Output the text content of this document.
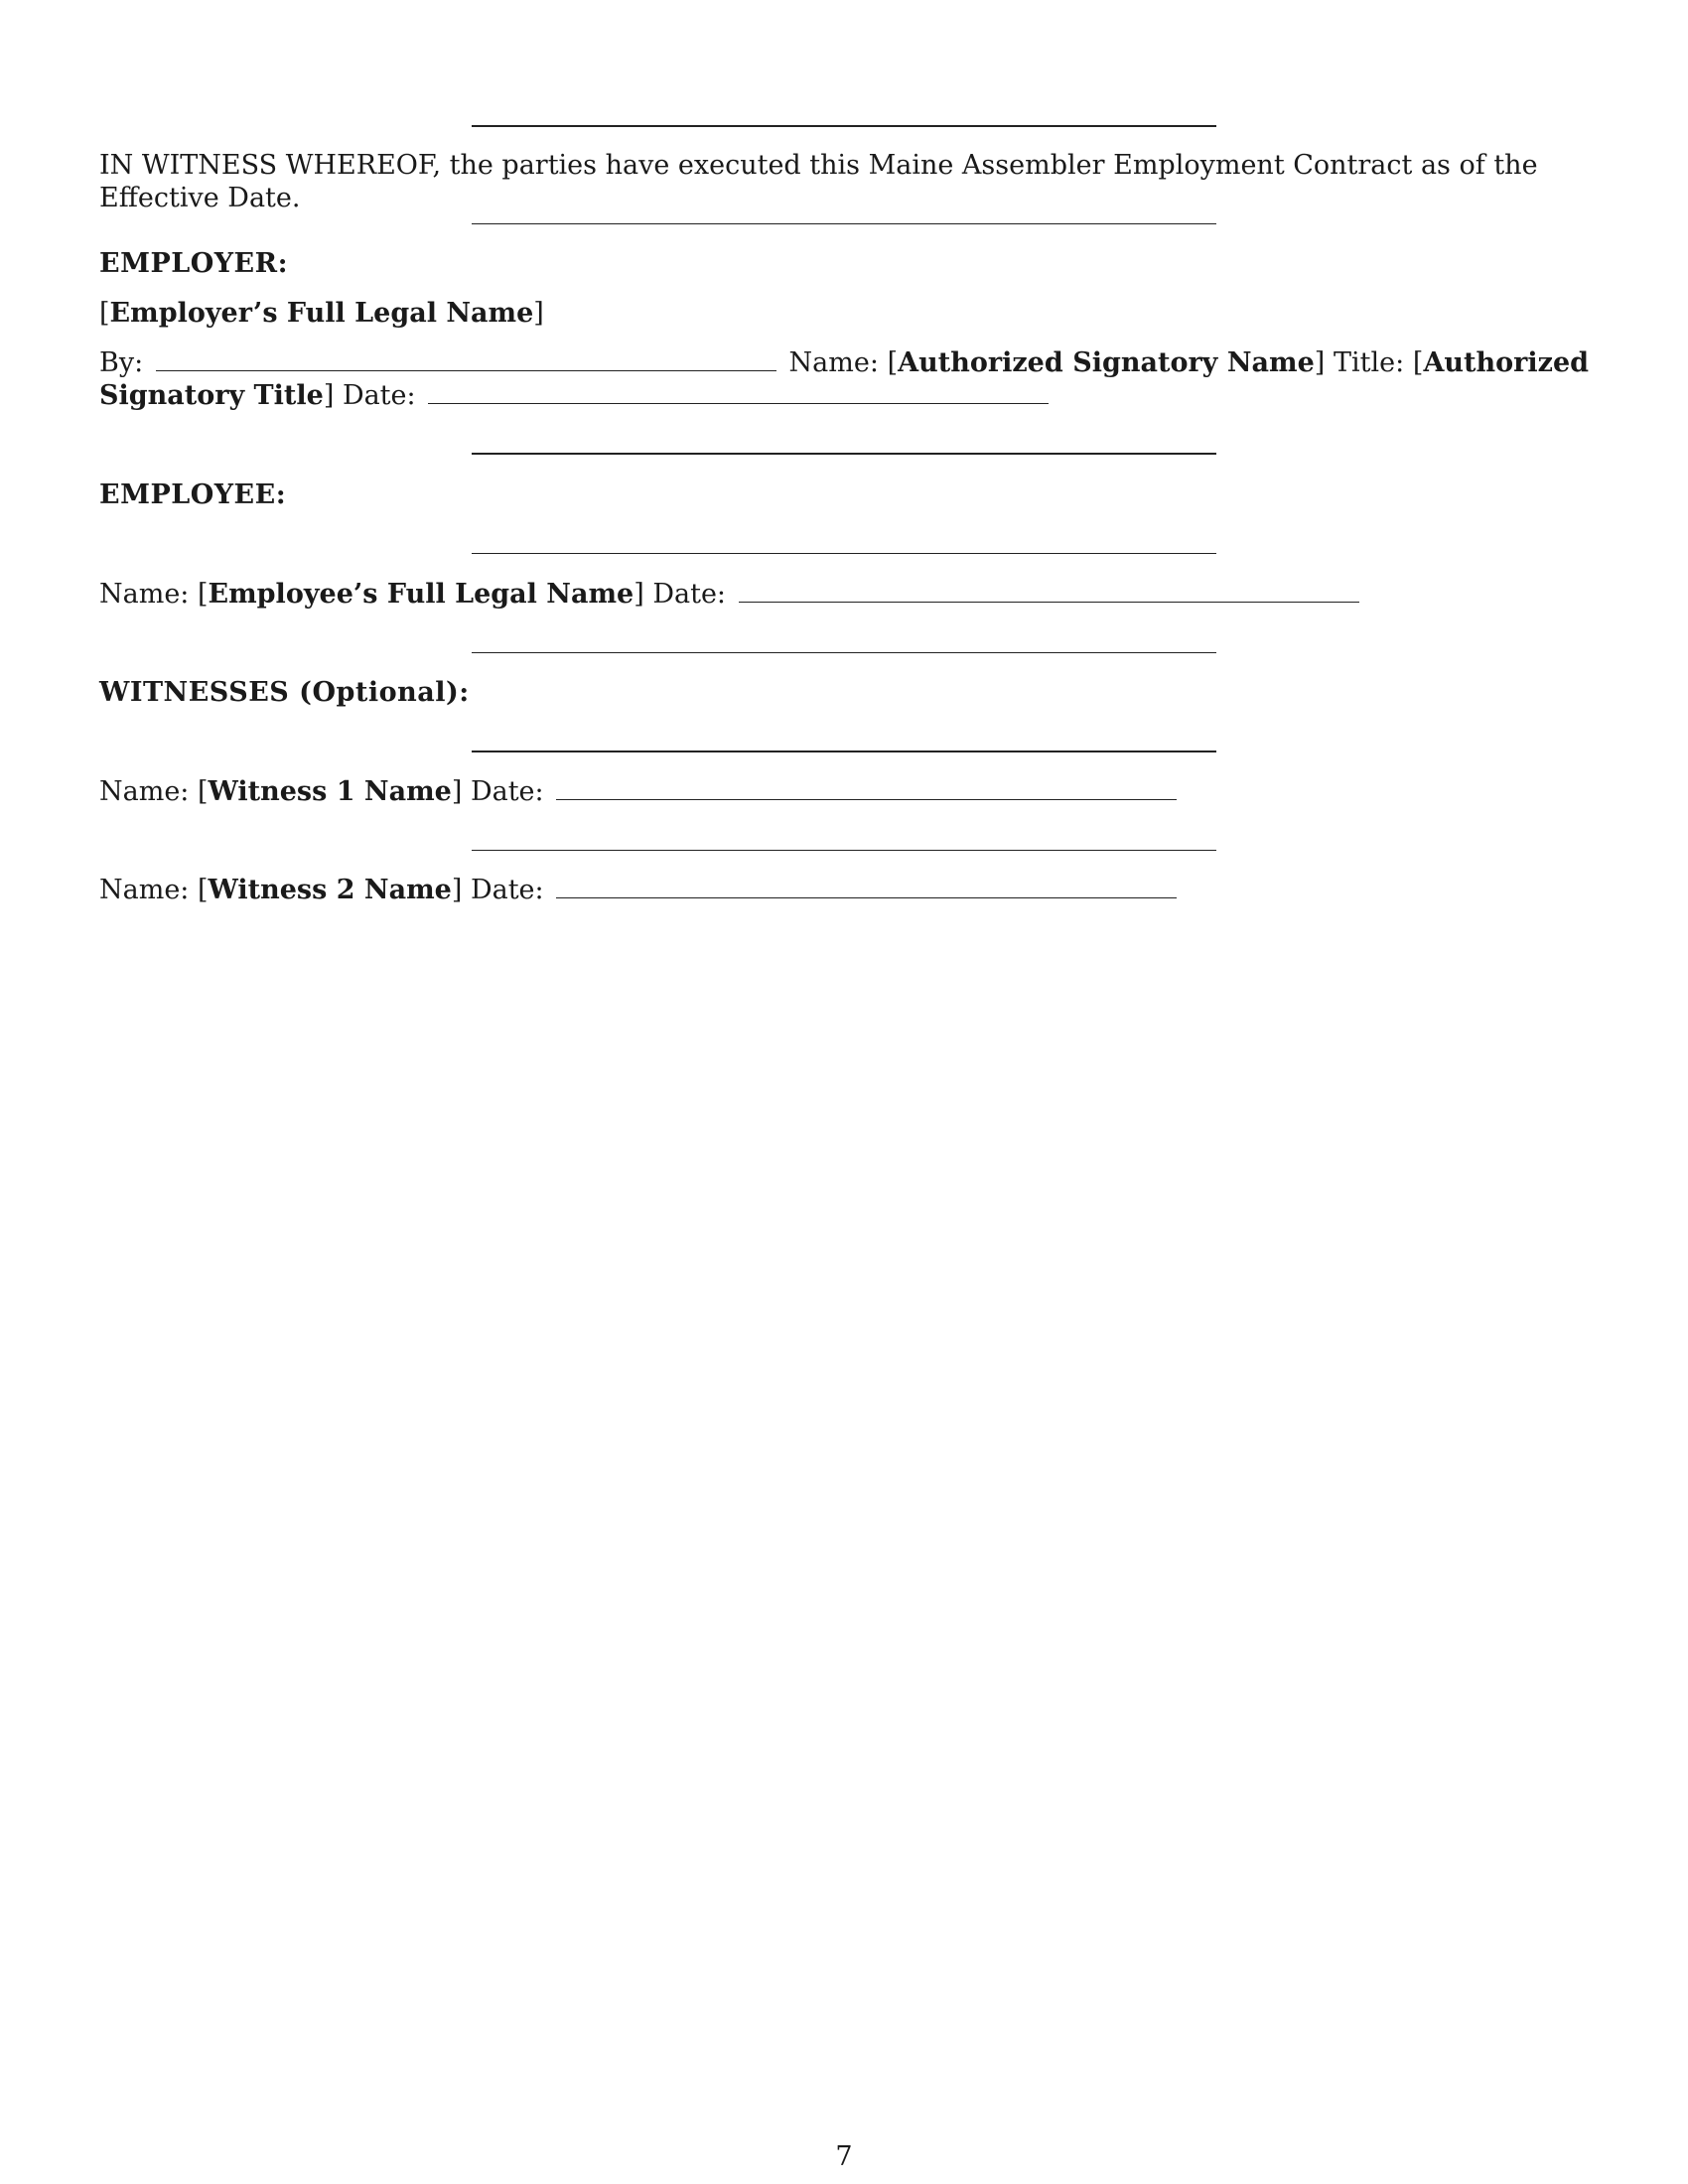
IN WITNESS WHEREOF, the parties have executed this Maine Assembler Employment Contract as of the Effective Date.
EMPLOYER:
[Employer’s Full Legal Name]
By:	Name: [Authorized Signatory Name] Title: [Authorized Signatory Title] Date:
EMPLOYEE:
Name: [Employee’s Full Legal Name] Date:
WITNESSES (Optional):
Name: [Witness 1 Name] Date:
Name: [Witness 2 Name] Date:
7
